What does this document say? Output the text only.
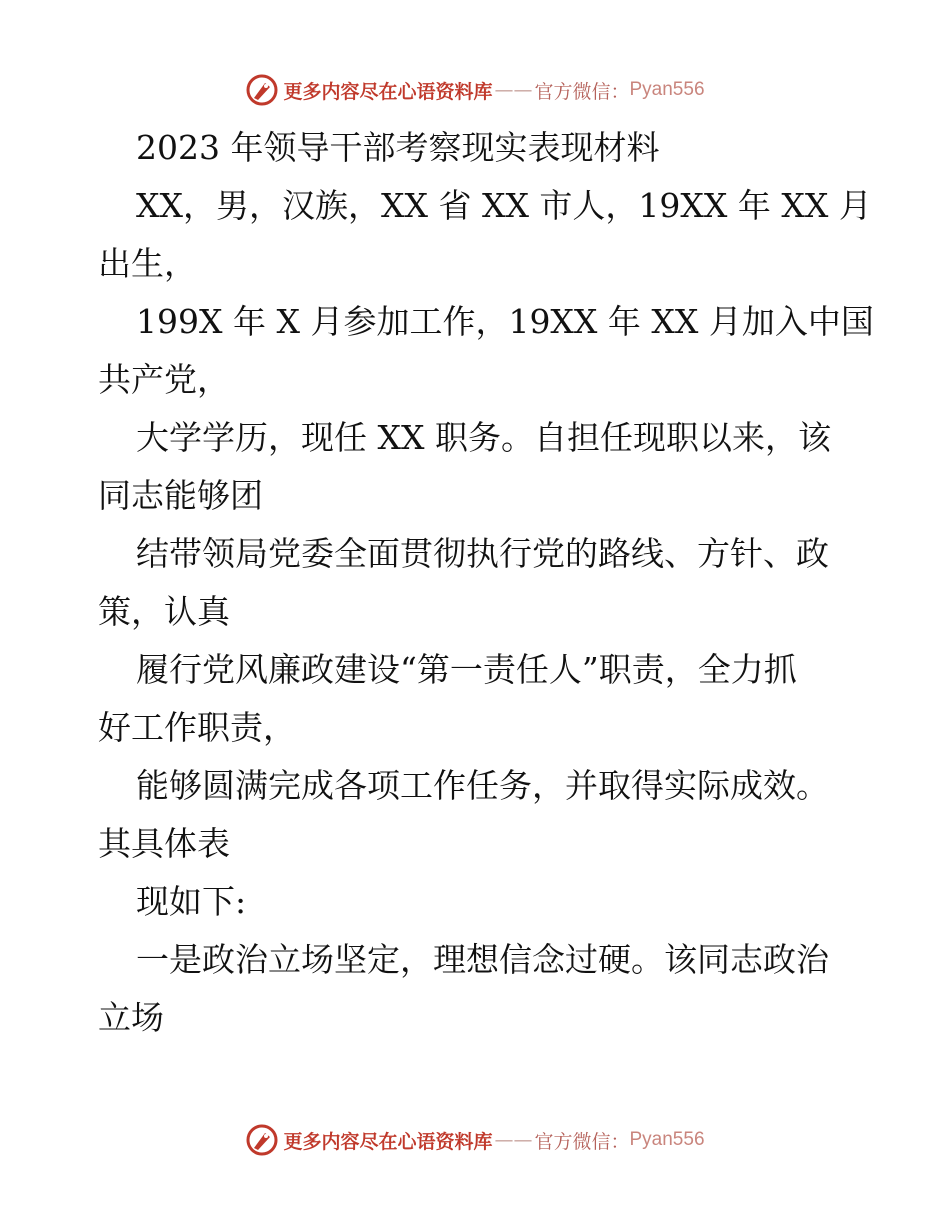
更多内容尽在心语资料库 —— 官方微信： Pyan556
2023 年领导干部考察现实表现材料
XX，男，汉族，XX 省 XX 市人，19XX 年 XX 月
出生，
199X 年 X 月参加工作，19XX 年 XX 月加入中国
共产党，
大学学历，现任 XX 职务。自担任现职以来，该
同志能够团
结带领局党委全面贯彻执行党的路线、方针、政
策，认真
履行党风廉政建设“第一责任人”职责，全力抓
好工作职责，
能够圆满完成各项工作任务，并取得实际成效。
其具体表
现如下:
一是政治立场坚定，理想信念过硬。该同志政治
立场
更多内容尽在心语资料库 —— 官方微信： Pyan556
